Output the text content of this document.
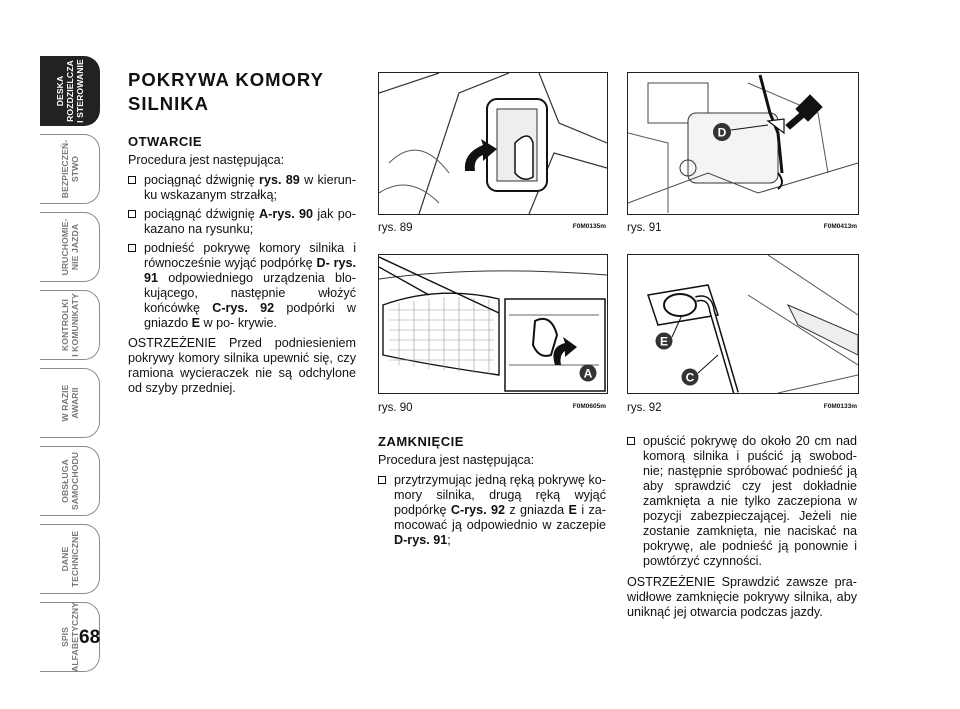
DESKA
ROZDZIELCZA
I STEROWANIE
BEZPIECZEŃ-
STWO
URUCHOMIE-
NIE JAZDA
KONTROLKI
I KOMUNIKATY
W RAZIE
AWARII
OBSŁUGA
SAMOCHODU
DANE
TECHNICZNE
SPIS
ALFABETYCZNY 68
POKRYWA KOMORY
SILNIKA
OTWARCIE

Procedura jest następująca:

pociągnąć dźwignię rys. 89 w kierun- ku wskazanym strzałką;
pociągnąć dźwignię A-rys. 90 jak po- kazano na rysunku;
podnieść pokrywę komory silnika i równocześnie wyjąć podpórkę D- rys. 91 odpowiedniego urządzenia blo- kującego, następnie włożyć końcówkę C-rys. 92 podpórki w gniazdo E w po- krywie.

OSTRZEŻENIE Przed podniesieniem pokrywy komory silnika upewnić się, czy ramiona wycieraczek nie są odchylone od szyby przedniej.

rys. 89	F0M0135m
D
rys. 91	F0M0413m
A
rys. 90	F0M0605m
E
C
rys. 92	F0M0133m
ZAMKNIĘCIE

Procedura jest następująca:

przytrzymując jedną ręką pokrywę ko- mory silnika, drugą ręką wyjąć podpórkę C-rys. 92 z gniazda E i za- mocować ją odpowiednio w zaczepie D-rys. 91;
opuścić pokrywę do około 20 cm nad komorą silnika i puścić ją swobod- nie; następnie spróbować podnieść ją aby sprawdzić czy jest dokładnie zamknięta a nie tylko zaczepiona w pozycji zabezpieczającej. Jeżeli nie zostanie zamknięta, nie naciskać na pokrywę, ale podnieść ją ponownie i powtórzyć czynności.

OSTRZEŻENIE Sprawdzić zawsze pra- widłowe zamknięcie pokrywy silnika, aby uniknąć jej otwarcia podczas jazdy.
